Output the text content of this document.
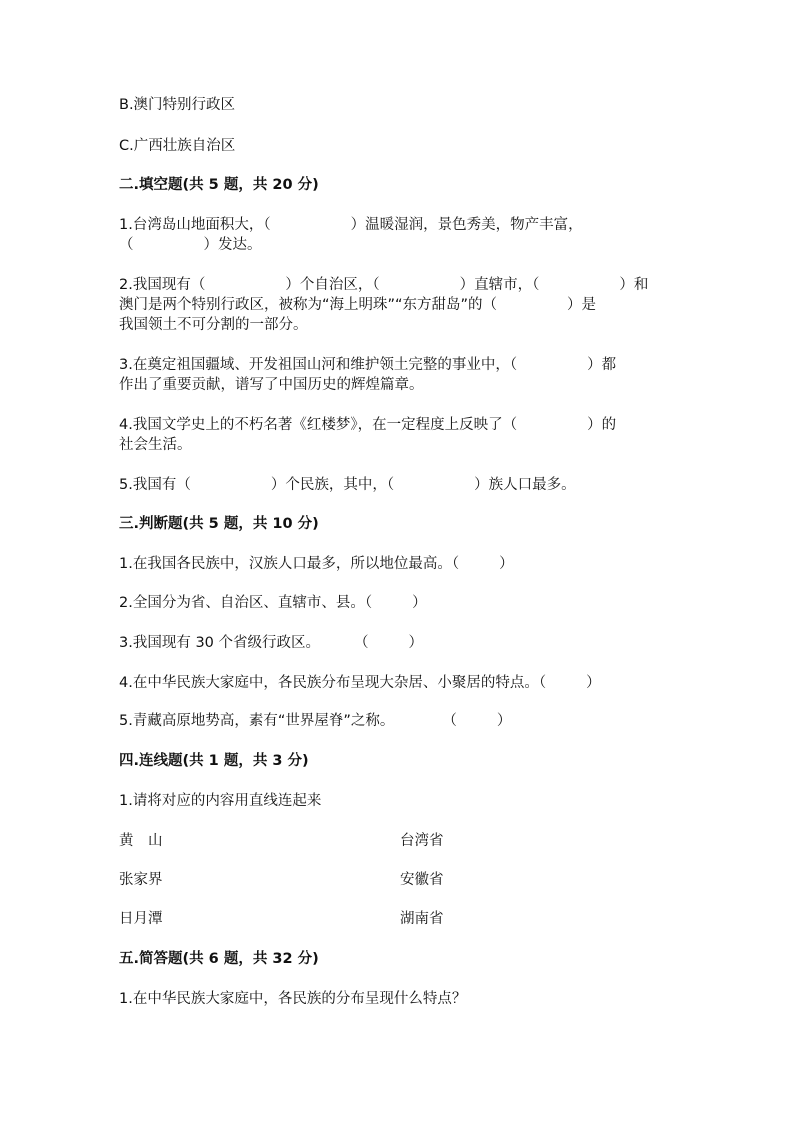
B.澳门特别行政区
C.广西壮族自治区
二.填空题(共 5 题，共 20 分)
1.台湾岛山地面积大，（	）温暖湿润，景色秀美，物产丰富，
（	）发达。
2.我国现有（	）个自治区，（	）直辖市，（	）和
澳门是两个特别行政区，被称为“海上明珠”“东方甜岛”的（	）是
我国领土不可分割的一部分。
3.在奠定祖国疆域、开发祖国山河和维护领土完整的事业中，（	）都
作出了重要贡献，谱写了中国历史的辉煌篇章。
4.我国文学史上的不朽名著《红楼梦》，在一定程度上反映了（	）的
社会生活。
5.我国有（	）个民族，其中，（	）族人口最多。
三.判断题(共 5 题，共 10 分)
1.在我国各民族中，汉族人口最多，所以地位最高。（	）
2.全国分为省、自治区、直辖市、县。（	）
3.我国现有 30 个省级行政区。 （	）
4.在中华民族大家庭中，各民族分布呈现大杂居、小聚居的特点。（	）
5.青藏高原地势高，素有“世界屋脊”之称。	（	）
四.连线题(共 1 题，共 3 分)
1.请将对应的内容用直线连起来
黄　山	台湾省
张家界	安徽省
日月潭	湖南省
五.简答题(共 6 题，共 32 分)
1.在中华民族大家庭中，各民族的分布呈现什么特点？
